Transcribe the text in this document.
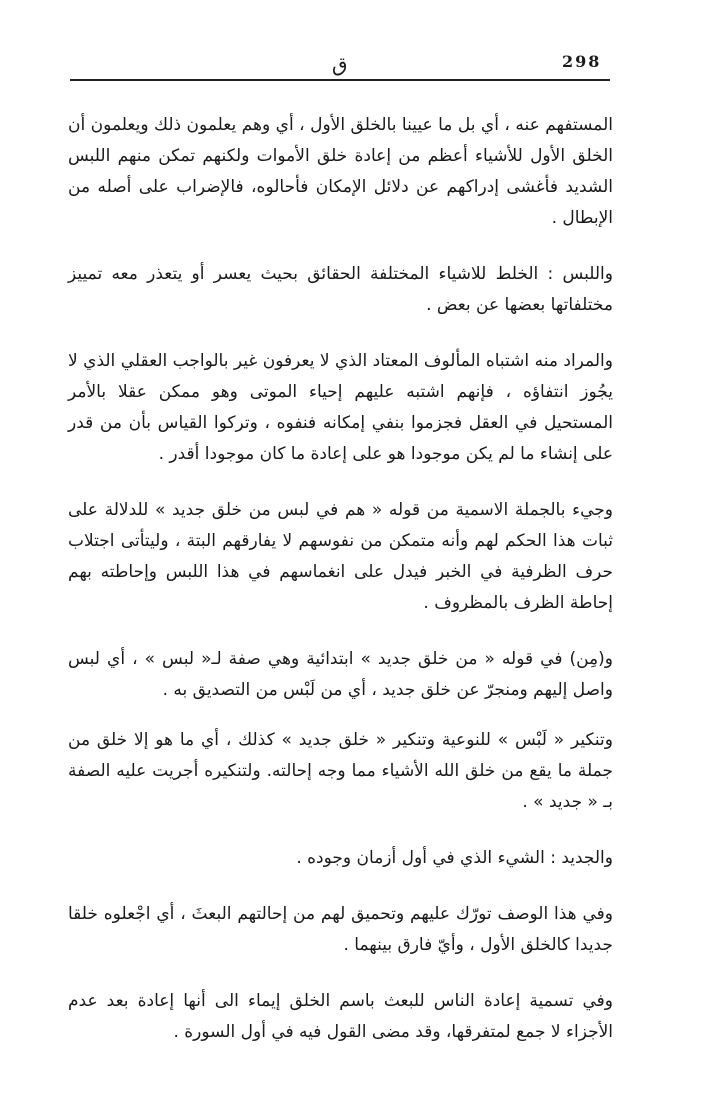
298
ق

المستفهم عنه ، أي بل ما عيينا بالخلق الأول ، أي وهم يعلمون ذلك ويعلمون أن الخلق الأول للأشياء أعظم من إعادة خلق الأموات ولكنهم تمكن منهم اللبس الشديد فأغشى إدراكهم عن دلائل الإمكان فأحالوه، فالإضراب على أصله من الإبطال .

واللبس : الخلط للاشياء المختلفة الحقائق بحيث يعسر أو يتعذر معه تمييز مختلفاتها بعضها عن بعض .

والمراد منه اشتباه المألوف المعتاد الذي لا يعرفون غير بالواجب العقلي الذي لا يجُوز انتفاؤه ، فإنهم اشتبه عليهم إحياء الموتى وهو ممكن عقلا بالأمر المستحيل في العقل فجزموا بنفي إمكانه فنفوه ، وتركوا القياس بأن من قدر على إنشاء ما لم يكن موجودا هو على إعادة ما كان موجودا أقدر .

وجيء بالجملة الاسمية من قوله « هم في لبس من خلق جديد » للدلالة على ثبات هذا الحكم لهم وأنه متمكن من نفوسهم لا يفارقهم البتة ، وليتأتى اجتلاب حرف الظرفية في الخبر فيدل على انغماسهم في هذا اللبس وإحاطته بهم إحاطة الظرف بالمظروف .

و(مِن) في قوله « من خلق جديد » ابتدائية وهي صفة لـ« لبس » ، أي لبس واصل إليهم ومنجرّ عن خلق جديد ، أي من لَبْس من التصديق به .

وتنكير « لَبْس » للنوعية وتنكير « خلق جديد » كذلك ، أي ما هو إلا خلق من جملة ما يقع من خلق الله الأشياء مما وجه إحالته. ولتنكيره أجريت عليه الصفة بـ « جديد » .

والجديد : الشيء الذي في أول أزمان وجوده .

وفي هذا الوصف تورّك عليهم وتحميق لهم من إحالتهم البعثَ ، أي اجْعلوه خلقا جديدا كالخلق الأول ، وأيّ فارق بينهما .

وفي تسمية إعادة الناس للبعث باسم الخلق إيماء الى أنها إعادة بعد عدم الأجزاء لا جمع لمتفرقها، وقد مضى القول فيه في أول السورة .
